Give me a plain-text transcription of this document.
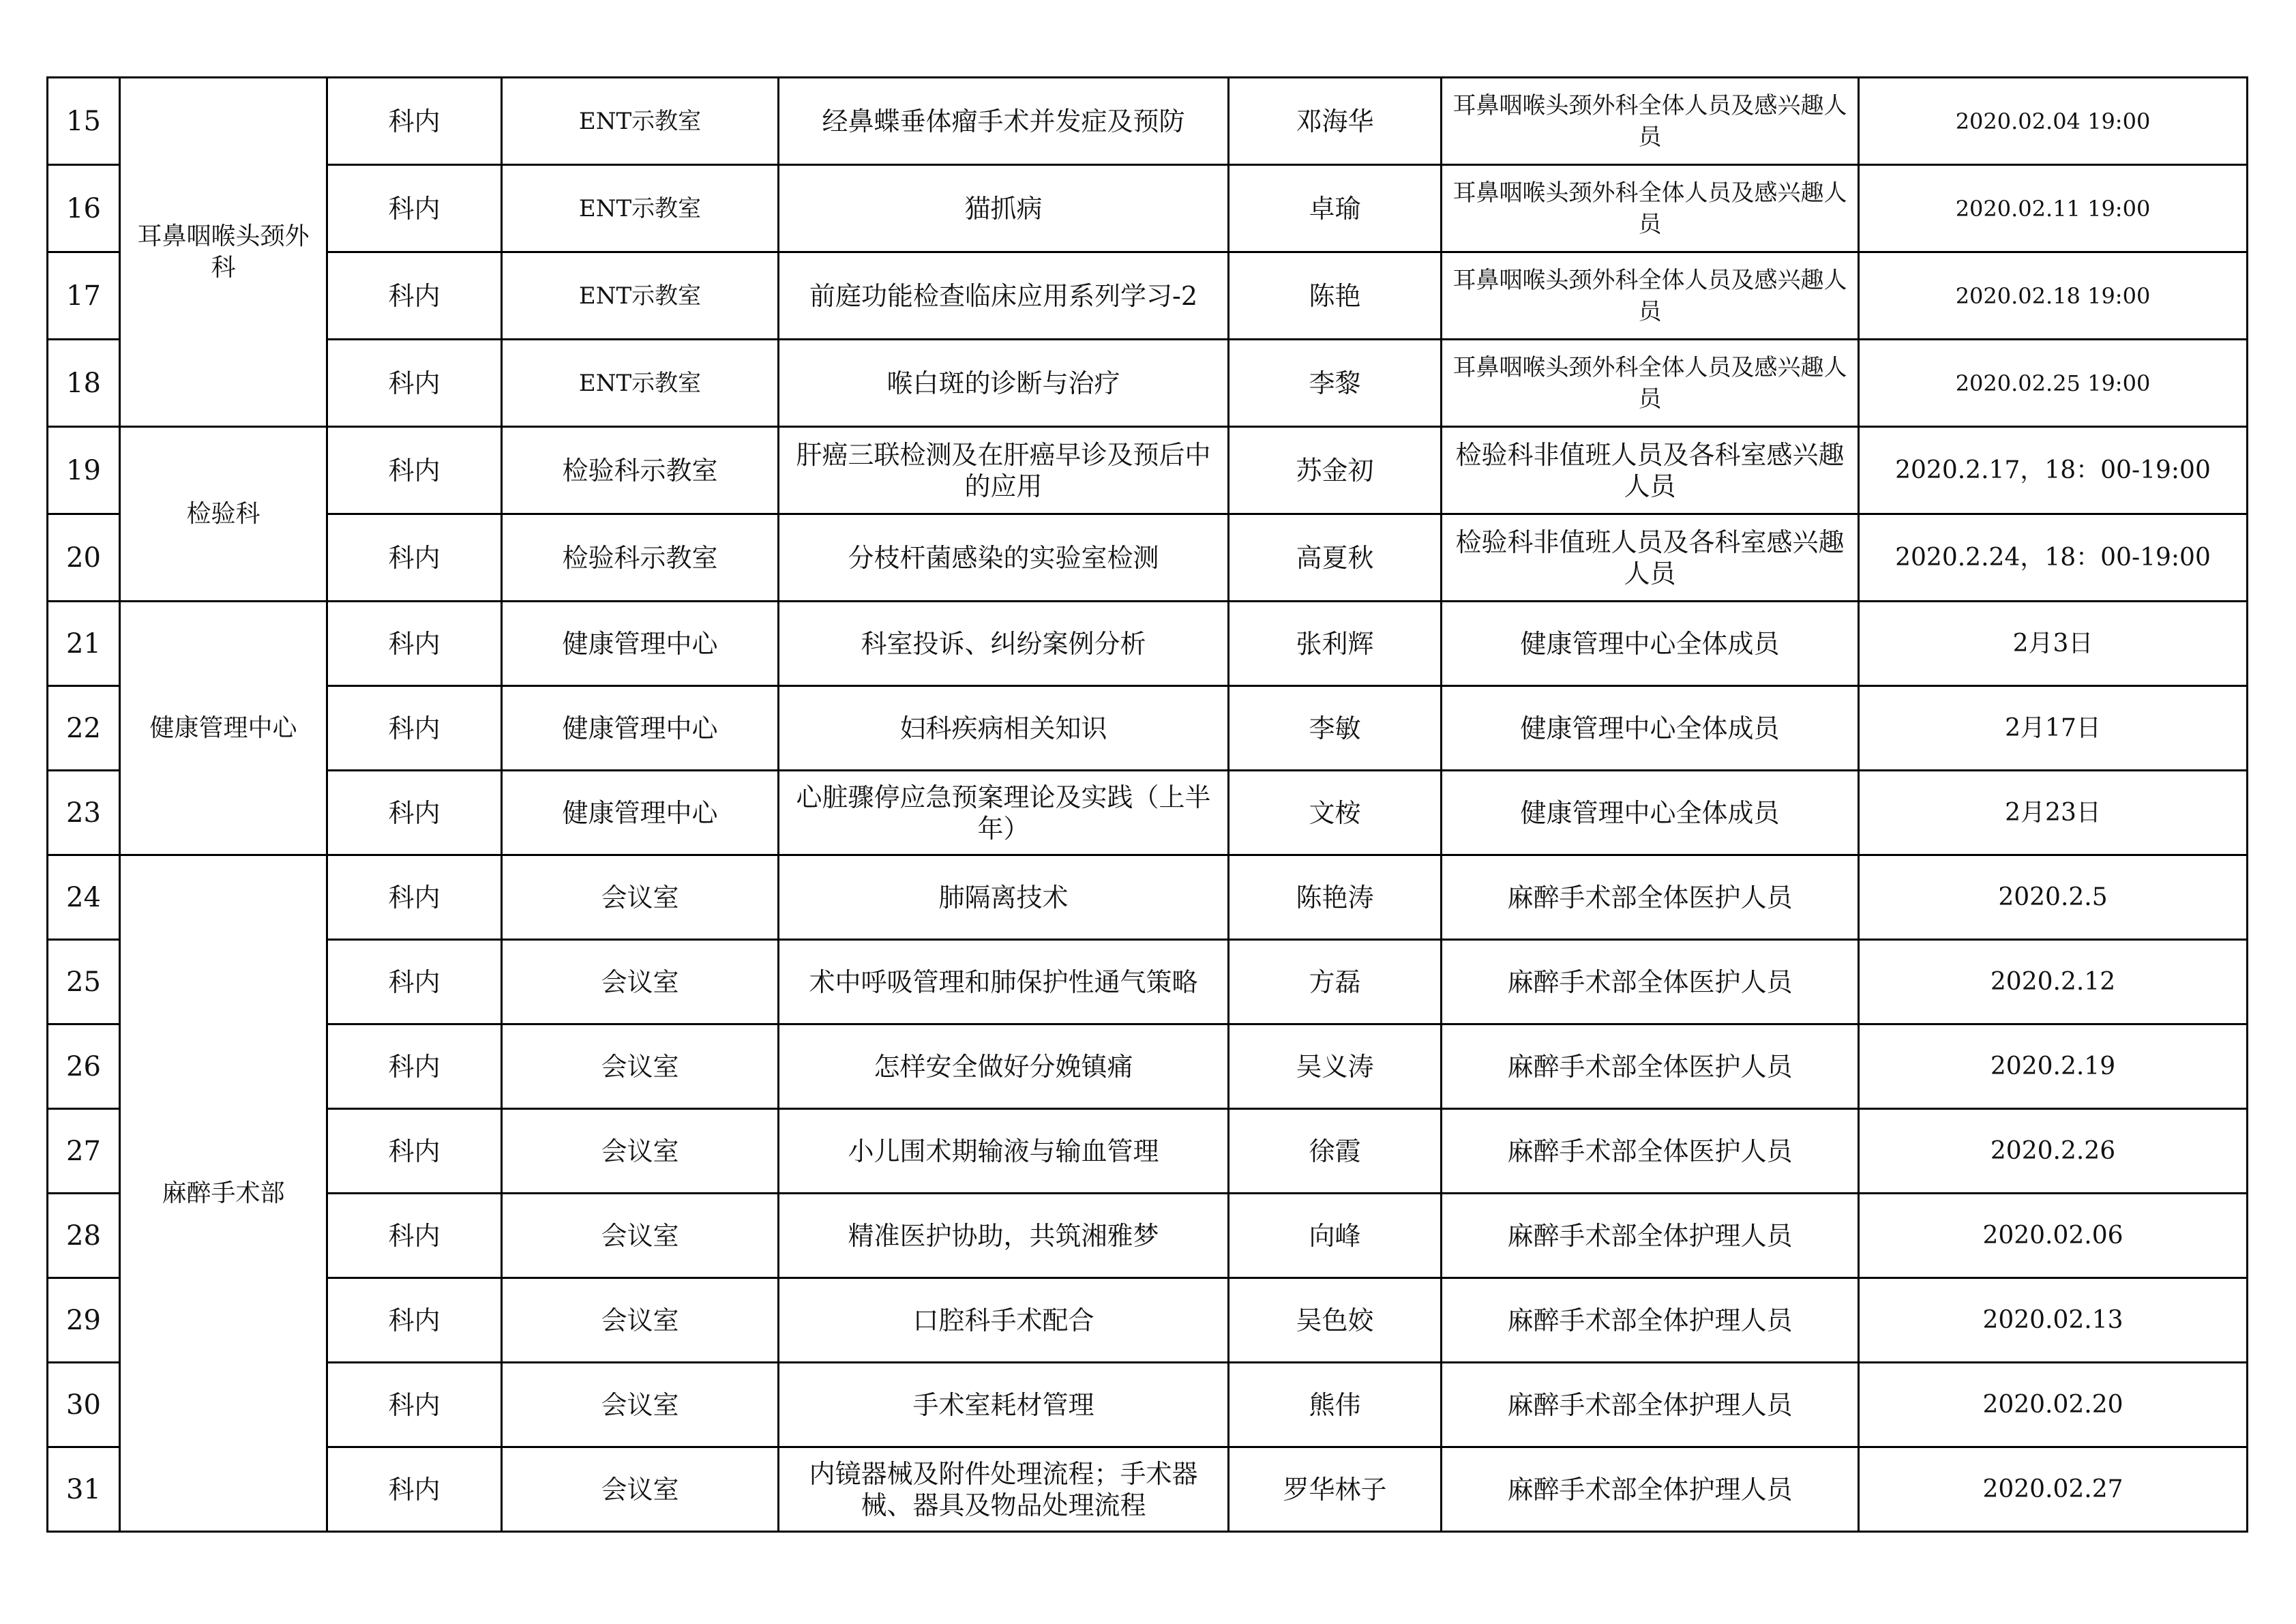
15	耳鼻咽喉头颈外科	科内	ENT示教室	经鼻蝶垂体瘤手术并发症及预防	邓海华	耳鼻咽喉头颈外科全体人员及感兴趣人员	2020.02.04 19:00
16		科内	ENT示教室	猫抓病	卓瑜	耳鼻咽喉头颈外科全体人员及感兴趣人员	2020.02.11 19:00
17		科内	ENT示教室	前庭功能检查临床应用系列学习-2	陈艳	耳鼻咽喉头颈外科全体人员及感兴趣人员	2020.02.18 19:00
18		科内	ENT示教室	喉白斑的诊断与治疗	李黎	耳鼻咽喉头颈外科全体人员及感兴趣人员	2020.02.25 19:00
19	检验科	科内	检验科示教室	肝癌三联检测及在肝癌早诊及预后中的应用	苏金初	检验科非值班人员及各科室感兴趣人员	2020.2.17，18：00-19:00
20		科内	检验科示教室	分枝杆菌感染的实验室检测	高夏秋	检验科非值班人员及各科室感兴趣人员	2020.2.24，18：00-19:00
21	健康管理中心	科内	健康管理中心	科室投诉、纠纷案例分析	张利辉	健康管理中心全体成员	2月3日
22		科内	健康管理中心	妇科疾病相关知识	李敏	健康管理中心全体成员	2月17日
23		科内	健康管理中心	心脏骤停应急预案理论及实践（上半年）	文桉	健康管理中心全体成员	2月23日
24	麻醉手术部	科内	会议室	肺隔离技术	陈艳涛	麻醉手术部全体医护人员	2020.2.5
25		科内	会议室	术中呼吸管理和肺保护性通气策略	方磊	麻醉手术部全体医护人员	2020.2.12
26		科内	会议室	怎样安全做好分娩镇痛	吴义涛	麻醉手术部全体医护人员	2020.2.19
27		科内	会议室	小儿围术期输液与输血管理	徐霞	麻醉手术部全体医护人员	2020.2.26
28		科内	会议室	精准医护协助，共筑湘雅梦	向峰	麻醉手术部全体护理人员	2020.02.06
29		科内	会议室	口腔科手术配合	吴色姣	麻醉手术部全体护理人员	2020.02.13
30		科内	会议室	手术室耗材管理	熊伟	麻醉手术部全体护理人员	2020.02.20
31		科内	会议室	内镜器械及附件处理流程；手术器械、器具及物品处理流程	罗华林子	麻醉手术部全体护理人员	2020.02.27
